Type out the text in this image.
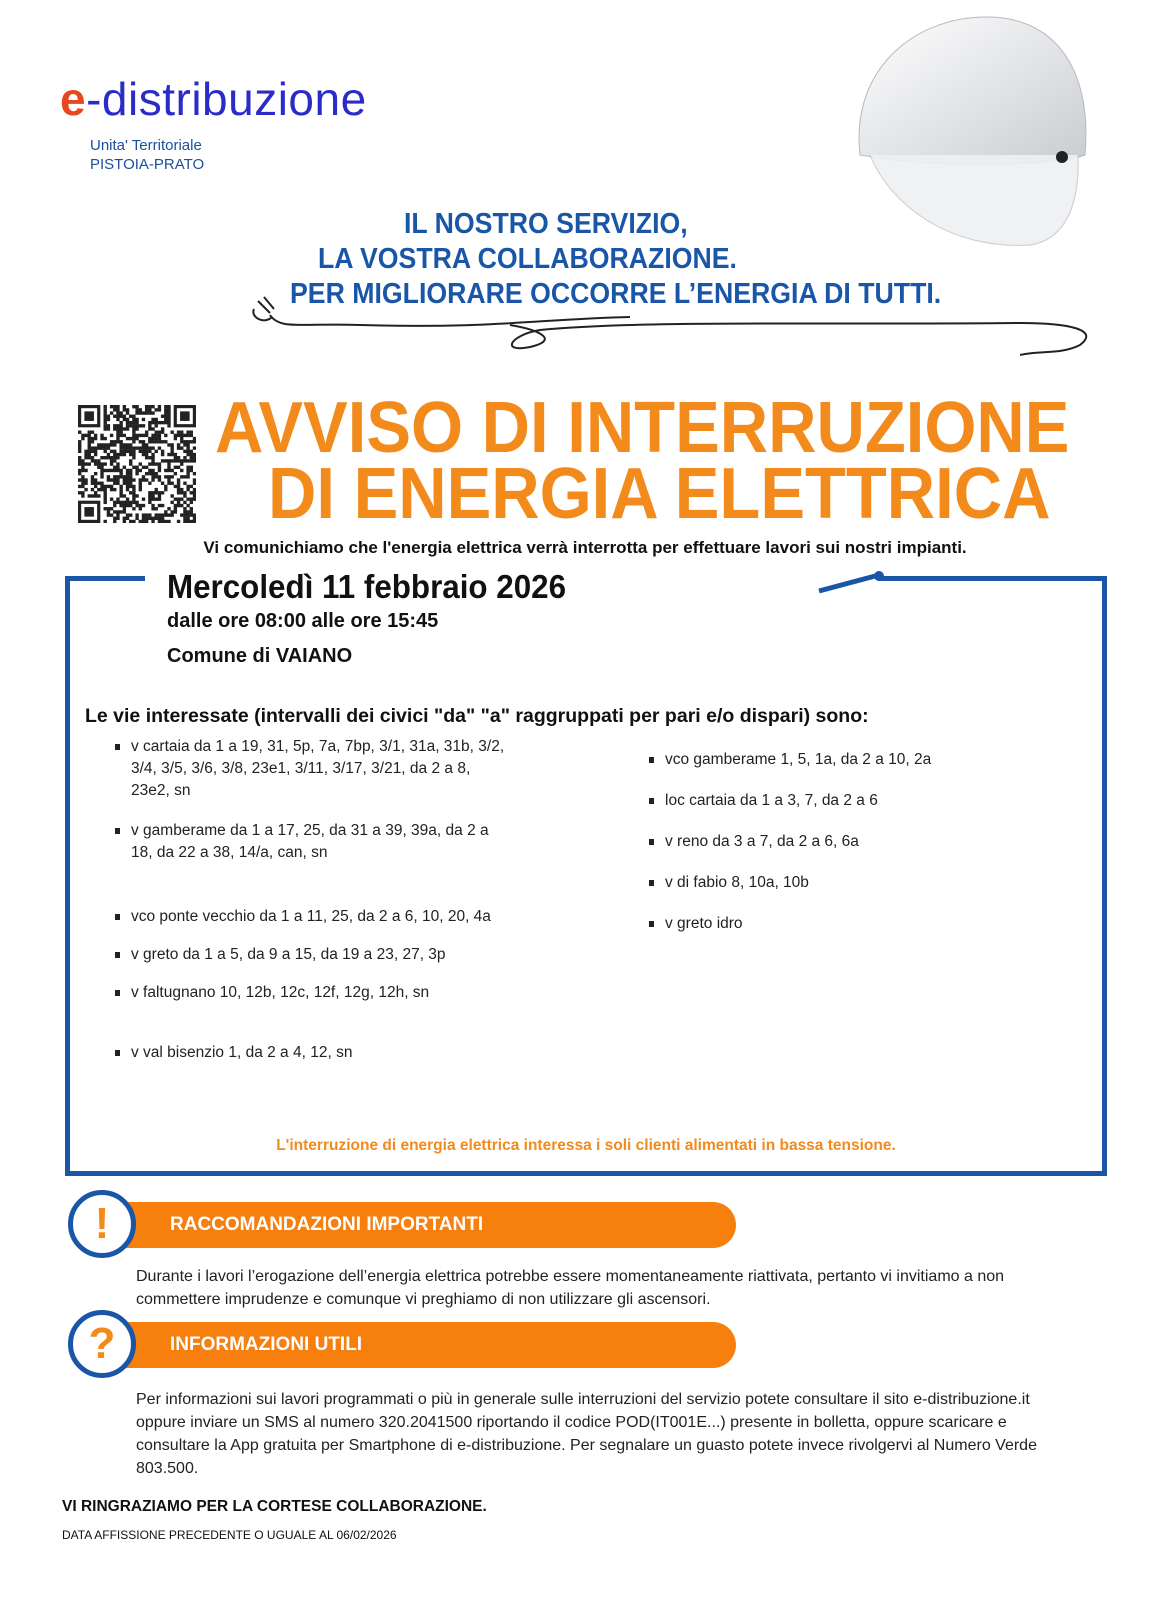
e-distribuzione
Unita' Territoriale
PISTOIA-PRATO
IL NOSTRO SERVIZIO,
LA VOSTRA COLLABORAZIONE.
PER MIGLIORARE OCCORRE L’ENERGIA DI TUTTI.
AVVISO DI INTERRUZIONE
DI ENERGIA ELETTRICA
Vi comunichiamo che l'energia elettrica verrà interrotta per effettuare lavori sui nostri impianti.
Mercoledì 11 febbraio 2026
dalle ore 08:00 alle ore 15:45
Comune di VAIANO
Le vie interessate (intervalli dei civici "da" "a" raggruppati per pari e/o dispari) sono:
v cartaia da 1 a 19, 31, 5p, 7a, 7bp, 3/1, 31a, 31b, 3/2, 3/4, 3/5, 3/6, 3/8, 23e1, 3/11, 3/17, 3/21, da 2 a 8, 23e2, sn
v gamberame da 1 a 17, 25, da 31 a 39, 39a, da 2 a 18, da 22 a 38, 14/a, can, sn
vco ponte vecchio da 1 a 11, 25, da 2 a 6, 10, 20, 4a
v greto da 1 a 5, da 9 a 15, da 19 a 23, 27, 3p
v faltugnano 10, 12b, 12c, 12f, 12g, 12h, sn
v val bisenzio 1, da 2 a 4, 12, sn
vco gamberame 1, 5, 1a, da 2 a 10, 2a
loc cartaia da 1 a 3, 7, da 2 a 6
v reno da 3 a 7, da 2 a 6, 6a
v di fabio 8, 10a, 10b
v greto idro
L'interruzione di energia elettrica interessa i soli clienti alimentati in bassa tensione.
RACCOMANDAZIONI IMPORTANTI
!
Durante i lavori l’erogazione dell’energia elettrica potrebbe essere momentaneamente riattivata, pertanto vi invitiamo a non commettere imprudenze e comunque vi preghiamo di non utilizzare gli ascensori.
INFORMAZIONI UTILI
?
Per informazioni sui lavori programmati o più in generale sulle interruzioni del servizio potete consultare il sito e-distribuzione.it oppure inviare un SMS al numero 320.2041500 riportando il codice POD(IT001E...) presente in bolletta, oppure scaricare e consultare la App gratuita per Smartphone di e-distribuzione. Per segnalare un guasto potete invece rivolgervi al Numero Verde 803.500.
VI RINGRAZIAMO PER LA CORTESE COLLABORAZIONE.
DATA AFFISSIONE PRECEDENTE O UGUALE AL 06/02/2026
